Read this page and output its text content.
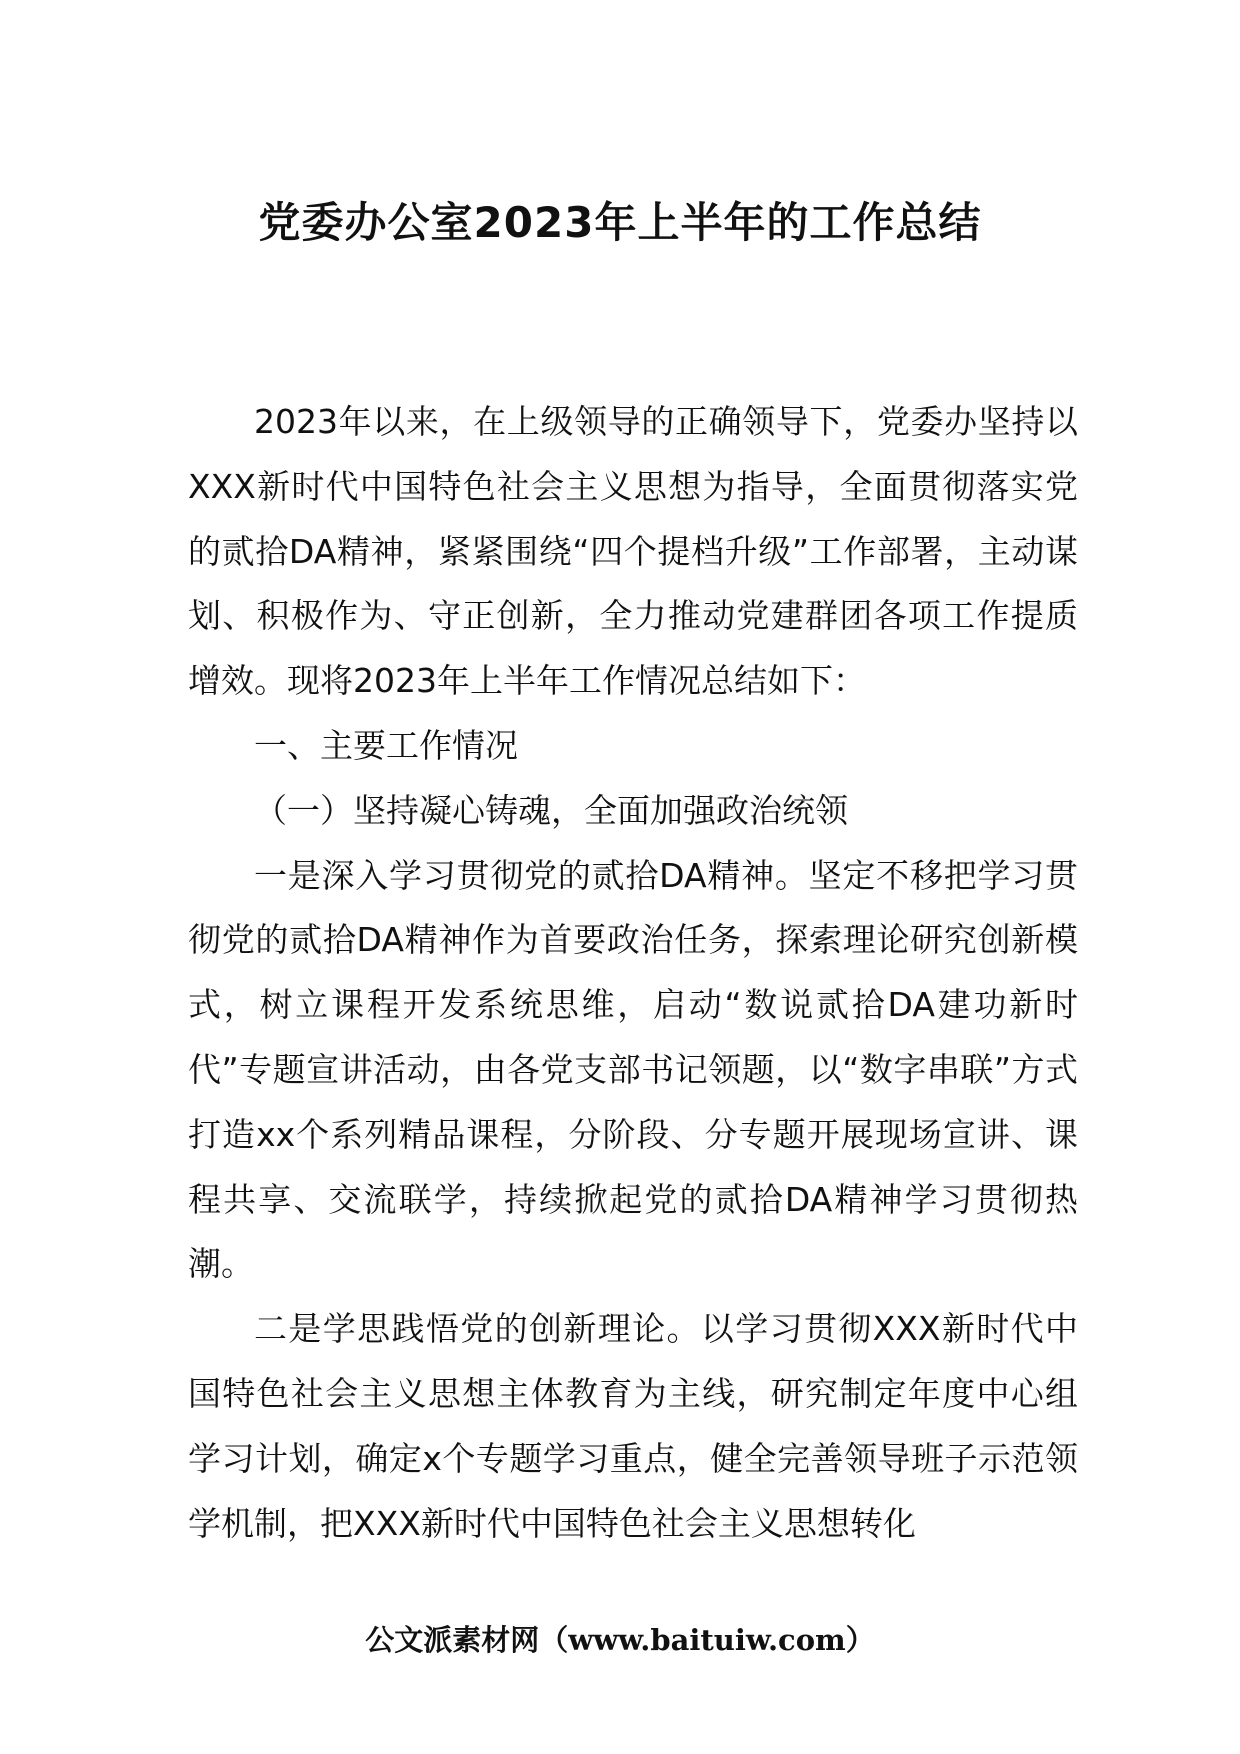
党委办公室2023年上半年的工作总结

2023年以来，在上级领导的正确领导下，党委办坚持以XXX新时代中国特色社会主义思想为指导，全面贯彻落实党的贰拾DA精神，紧紧围绕“四个提档升级”工作部署，主动谋划、积极作为、守正创新，全力推动党建群团各项工作提质增效。现将2023年上半年工作情况总结如下：

一、主要工作情况

（一）坚持凝心铸魂，全面加强政治统领

一是深入学习贯彻党的贰拾DA精神。坚定不移把学习贯彻党的贰拾DA精神作为首要政治任务，探索理论研究创新模式，树立课程开发系统思维，启动“数说贰拾DA建功新时代”专题宣讲活动，由各党支部书记领题，以“数字串联”方式打造xx个系列精品课程，分阶段、分专题开展现场宣讲、课程共享、交流联学，持续掀起党的贰拾DA精神学习贯彻热潮。

二是学思践悟党的创新理论。以学习贯彻XXX新时代中国特色社会主义思想主体教育为主线，研究制定年度中心组学习计划，确定x个专题学习重点，健全完善领导班子示范领学机制，把XXX新时代中国特色社会主义思想转化

公文派素材网（www.baituiw.com）
